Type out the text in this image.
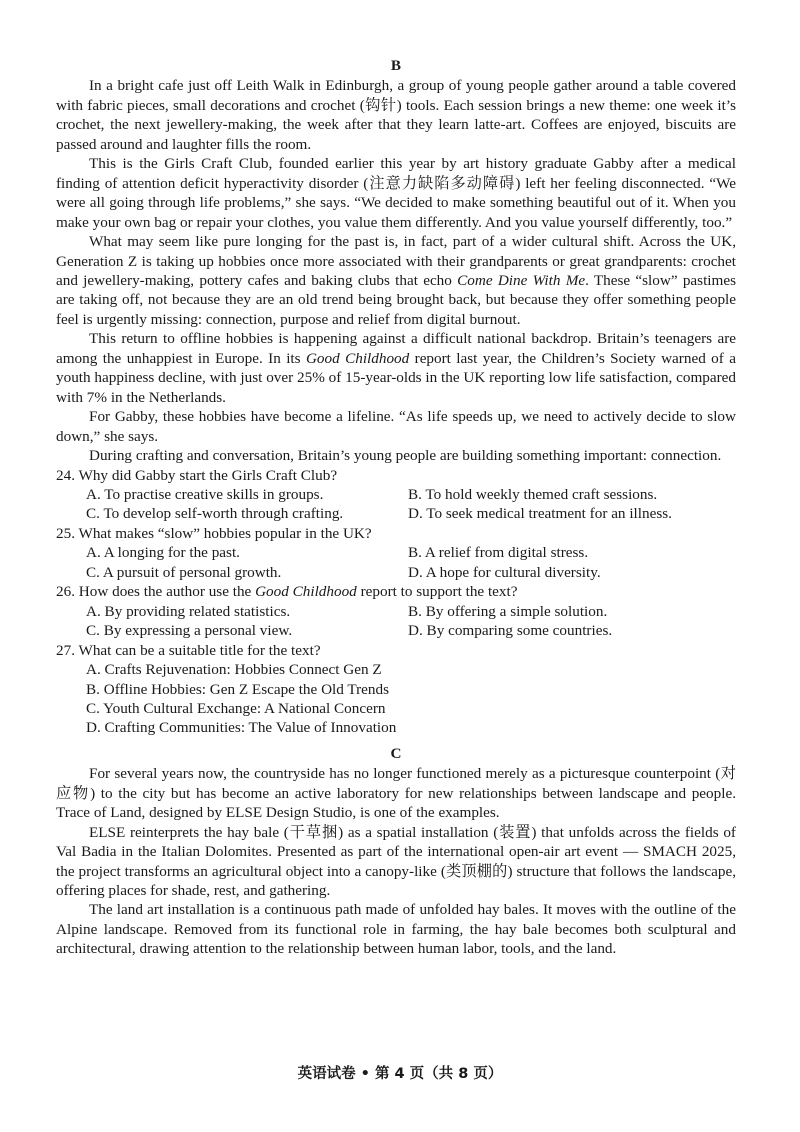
B

In a bright cafe just off Leith Walk in Edinburgh, a group of young people gather around a table covered with fabric pieces, small decorations and crochet (钩针) tools. Each session brings a new theme: one week it’s crochet, the next jewellery-making, the week after that they learn latte-art. Coffees are enjoyed, biscuits are passed around and laughter fills the room.

This is the Girls Craft Club, founded earlier this year by art history graduate Gabby after a medical finding of attention deficit hyperactivity disorder (注意力缺陷多动障碍) left her feeling disconnected. “We were all going through life problems,” she says. “We decided to make something beautiful out of it. When you make your own bag or repair your clothes, you value them differently. And you value yourself differently, too.”

What may seem like pure longing for the past is, in fact, part of a wider cultural shift. Across the UK, Generation Z is taking up hobbies once more associated with their grandparents or great grandparents: crochet and jewellery-making, pottery cafes and baking clubs that echo Come Dine With Me. These “slow” pastimes are taking off, not because they are an old trend being brought back, but because they offer something people feel is urgently missing: connection, purpose and relief from digital burnout.

This return to offline hobbies is happening against a difficult national backdrop. Britain’s teenagers are among the unhappiest in Europe. In its Good Childhood report last year, the Children’s Society warned of a youth happiness decline, with just over 25% of 15-year-olds in the UK reporting low life satisfaction, compared with 7% in the Netherlands.

For Gabby, these hobbies have become a lifeline. “As life speeds up, we need to actively decide to slow down,” she says.

During crafting and conversation, Britain’s young people are building something important: connection.

24. Why did Gabby start the Girls Craft Club?
A. To practise creative skills in groups.	B. To hold weekly themed craft sessions.
C. To develop self-worth through crafting.	D. To seek medical treatment for an illness.
25. What makes “slow” hobbies popular in the UK?
A. A longing for the past.	B. A relief from digital stress.
C. A pursuit of personal growth.	D. A hope for cultural diversity.
26. How does the author use the Good Childhood report to support the text?
A. By providing related statistics.	B. By offering a simple solution.
C. By expressing a personal view.	D. By comparing some countries.
27. What can be a suitable title for the text?
A. Crafts Rejuvenation: Hobbies Connect Gen Z
B. Offline Hobbies: Gen Z Escape the Old Trends
C. Youth Cultural Exchange: A National Concern
D. Crafting Communities: The Value of Innovation
C

For several years now, the countryside has no longer functioned merely as a picturesque counterpoint (对应物) to the city but has become an active laboratory for new relationships between landscape and people. Trace of Land, designed by ELSE Design Studio, is one of the examples.

ELSE reinterprets the hay bale (干草捆) as a spatial installation (装置) that unfolds across the fields of Val Badia in the Italian Dolomites. Presented as part of the international open-air art event — SMACH 2025, the project transforms an agricultural object into a canopy-like (类顶棚的) structure that follows the landscape, offering places for shade, rest, and gathering.

The land art installation is a continuous path made of unfolded hay bales. It moves with the outline of the Alpine landscape. Removed from its functional role in farming, the hay bale becomes both sculptural and architectural, drawing attention to the relationship between human labor, tools, and the land.

英语试卷 • 第 4 页（共 8 页）
